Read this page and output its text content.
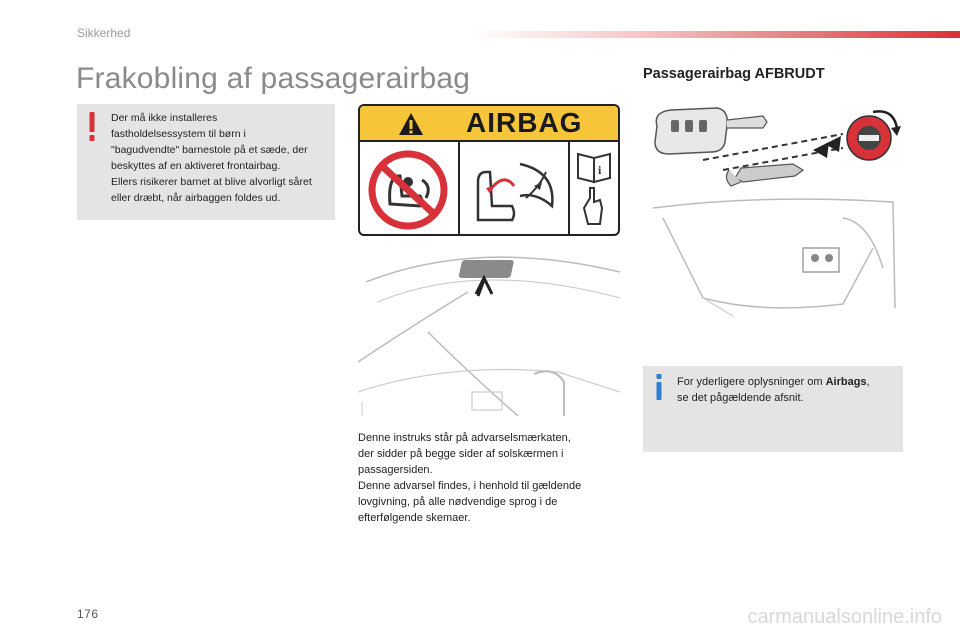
Sikkerhed
Frakobling af passagerairbag
Der må ikke installeres
fastholdelsessystem til børn i
"bagudvendte" barnestole på et sæde, der
beskyttes af en aktiveret frontairbag.
Ellers risikerer barnet at blive alvorligt såret
eller dræbt, når airbaggen foldes ud.
AIRBAG
i
Denne instruks står på advarselsmærkaten,
der sidder på begge sider af solskærmen i
passagersiden.
Denne advarsel findes, i henhold til gældende
lovgivning, på alle nødvendige sprog i de
efterfølgende skemaer.
Passagerairbag AFBRUDT
For yderligere oplysninger om Airbags,
se det pågældende afsnit.
176	carmanualsonline.info
